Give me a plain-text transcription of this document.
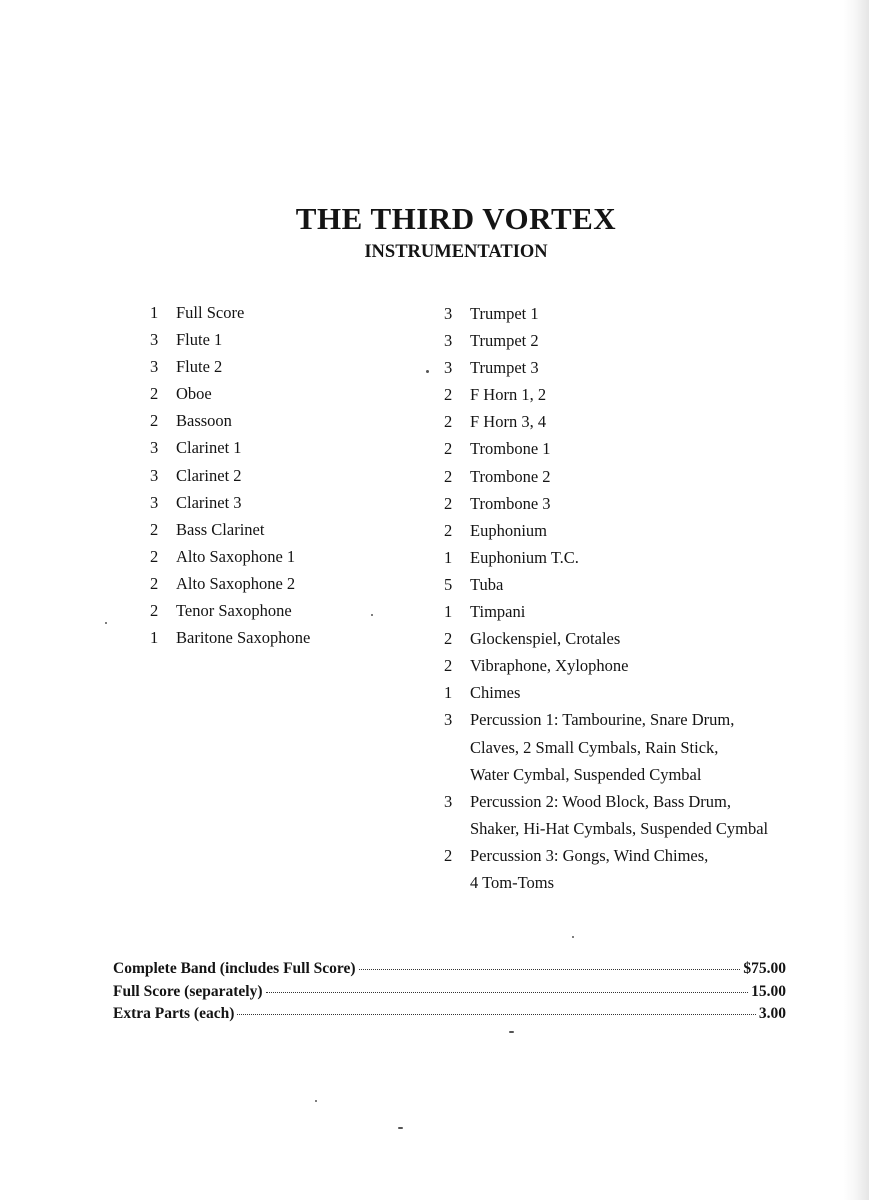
THE THIRD VORTEX
INSTRUMENTATION
1	Full Score
3	Flute 1
3	Flute 2
2	Oboe
2	Bassoon
3	Clarinet 1
3	Clarinet 2
3	Clarinet 3
2	Bass Clarinet
2	Alto Saxophone 1
2	Alto Saxophone 2
2	Tenor Saxophone
1	Baritone Saxophone
3	Trumpet 1
3	Trumpet 2
3	Trumpet 3
2	F Horn 1, 2
2	F Horn 3, 4
2	Trombone 1
2	Trombone 2
2	Trombone 3
2	Euphonium
1	Euphonium T.C.
5	Tuba
1	Timpani
2	Glockenspiel, Crotales
2	Vibraphone, Xylophone
1	Chimes
3	Percussion 1: Tambourine, Snare Drum,
Claves, 2 Small Cymbals, Rain Stick,
Water Cymbal, Suspended Cymbal
3	Percussion 2: Wood Block, Bass Drum,
Shaker, Hi-Hat Cymbals, Suspended Cymbal
2	Percussion 3: Gongs, Wind Chimes,
4 Tom-Toms
Complete Band (includes Full Score)	$75.00
Full Score (separately)	15.00
Extra Parts (each)	3.00
